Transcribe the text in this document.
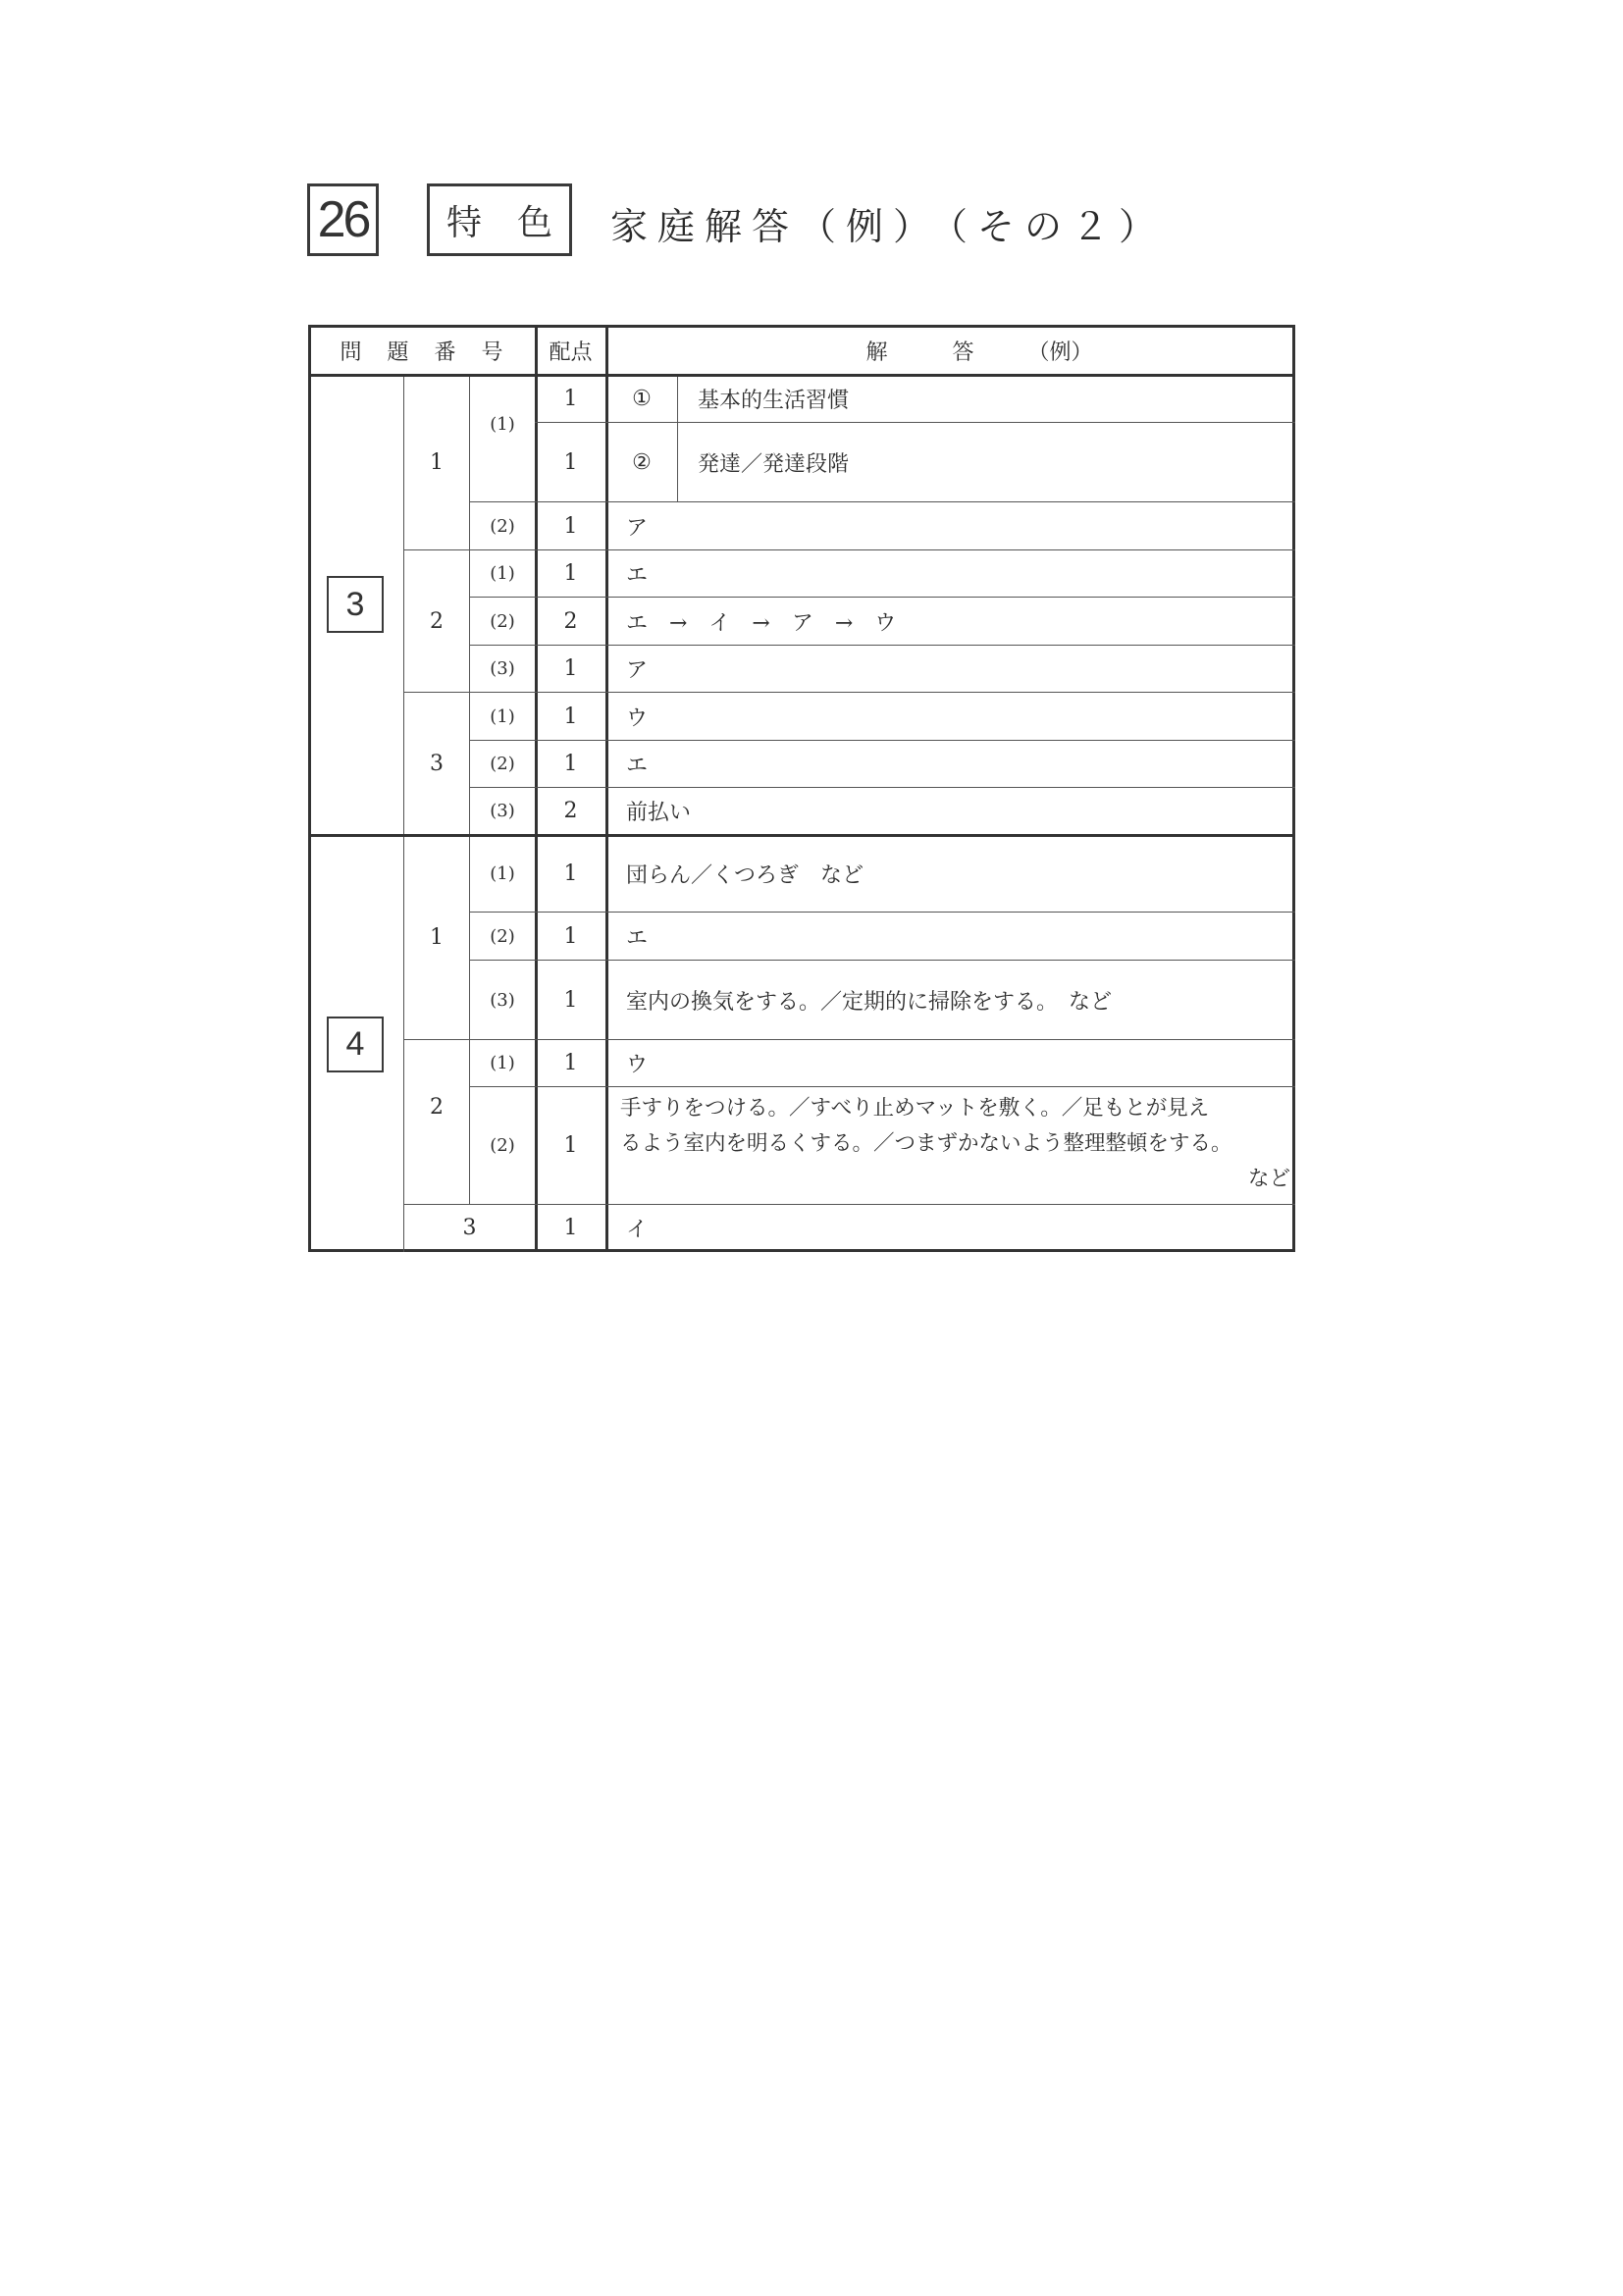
26	特　色	家庭解答（例）
（その２）
問　題　番　号	配点	解　　　答　　　（例）
3
1
(1)
1	①	基本的生活習慣
1	②	発達／発達段階
(2)	1	ア
2
(1)	1	エ
(2)	2	エ　→　イ　→　ア　→　ウ
(3)	1	ア
3
(1)	1	ウ
(2)	1	エ
(3)	2	前払い
4
1
(1)	1	団らん／くつろぎ　など
(2)	1	エ
(3)	1	室内の換気をする。／定期的に掃除をする。　など
2
(1)	1	ウ
(2)	1
手すりをつける。／すべり止めマットを敷く。／足もとが見え
るよう室内を明るくする。／つまずかないよう整理整頓をする。
など
3	1	イ
